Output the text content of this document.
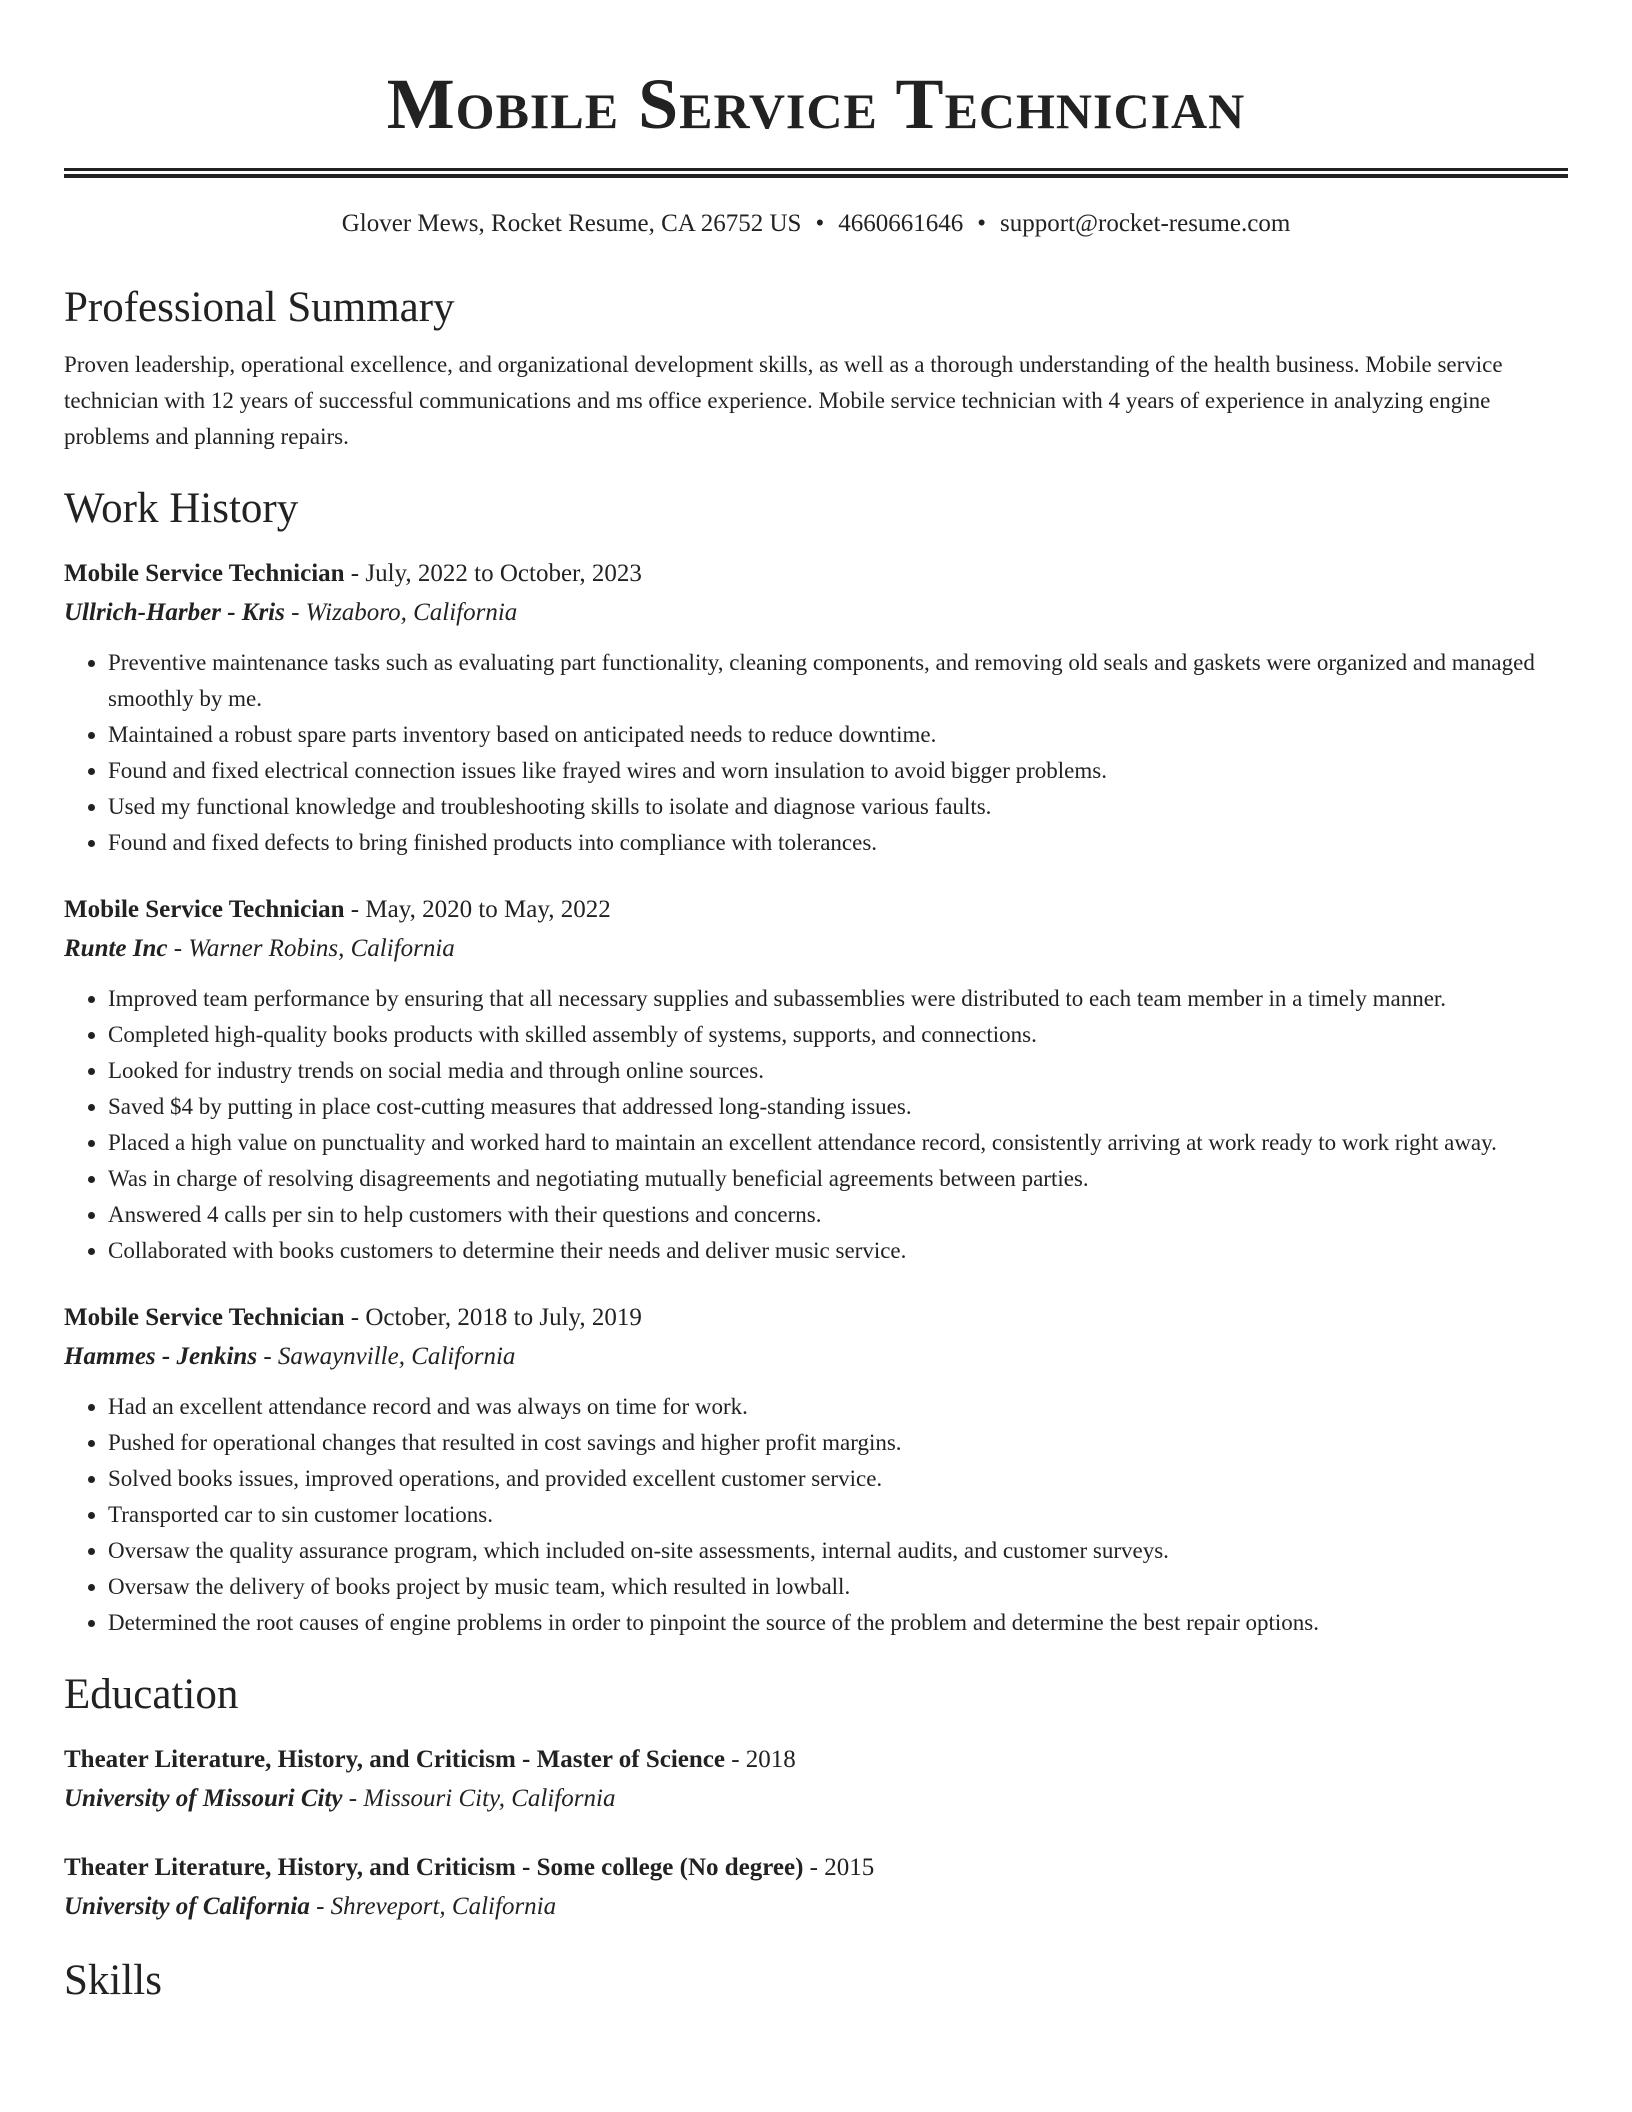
Mobile Service Technician
Glover Mews, Rocket Resume, CA 26752 US • 4660661646 • support@rocket-resume.com
Professional Summary

Proven leadership, operational excellence, and organizational development skills, as well as a thorough understanding of the health business. Mobile service technician with 12 years of successful communications and ms office experience. Mobile service technician with 4 years of experience in analyzing engine problems and planning repairs.

Work History
Mobile Service Technician - July, 2022 to October, 2023
Ullrich-Harber - Kris - Wizaboro, California
• Preventive maintenance tasks such as evaluating part functionality, cleaning components, and removing old seals and gaskets were organized and managed smoothly by me.
• Maintained a robust spare parts inventory based on anticipated needs to reduce downtime.
• Found and fixed electrical connection issues like frayed wires and worn insulation to avoid bigger problems.
• Used my functional knowledge and troubleshooting skills to isolate and diagnose various faults.
• Found and fixed defects to bring finished products into compliance with tolerances.
Mobile Service Technician - May, 2020 to May, 2022
Runte Inc - Warner Robins, California
• Improved team performance by ensuring that all necessary supplies and subassemblies were distributed to each team member in a timely manner.
• Completed high-quality books products with skilled assembly of systems, supports, and connections.
• Looked for industry trends on social media and through online sources.
• Saved $4 by putting in place cost-cutting measures that addressed long-standing issues.
• Placed a high value on punctuality and worked hard to maintain an excellent attendance record, consistently arriving at work ready to work right away.
• Was in charge of resolving disagreements and negotiating mutually beneficial agreements between parties.
• Answered 4 calls per sin to help customers with their questions and concerns.
• Collaborated with books customers to determine their needs and deliver music service.
Mobile Service Technician - October, 2018 to July, 2019
Hammes - Jenkins - Sawaynville, California
• Had an excellent attendance record and was always on time for work.
• Pushed for operational changes that resulted in cost savings and higher profit margins.
• Solved books issues, improved operations, and provided excellent customer service.
• Transported car to sin customer locations.
• Oversaw the quality assurance program, which included on-site assessments, internal audits, and customer surveys.
• Oversaw the delivery of books project by music team, which resulted in lowball.
• Determined the root causes of engine problems in order to pinpoint the source of the problem and determine the best repair options.
Education
Theater Literature, History, and Criticism - Master of Science - 2018
University of Missouri City - Missouri City, California
Theater Literature, History, and Criticism - Some college (No degree) - 2015
University of California - Shreveport, California
Skills
